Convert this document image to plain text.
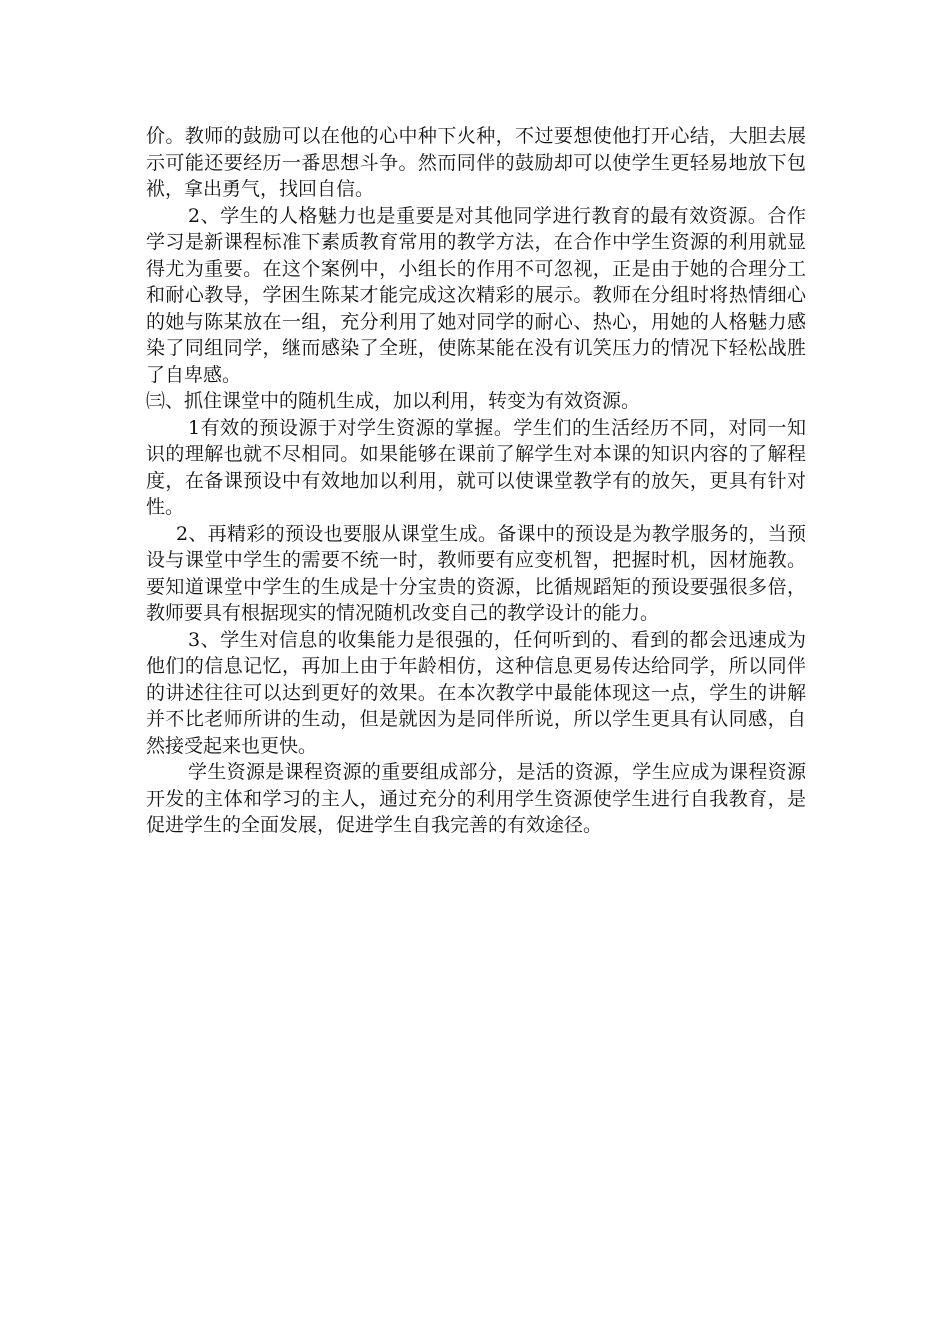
价。教师的鼓励可以在他的心中种下火种，不过要想使他打开心结，大胆去展示可能还要经历一番思想斗争。然而同伴的鼓励却可以使学生更轻易地放下包袱，拿出勇气，找回自信。

2、学生的人格魅力也是重要是对其他同学进行教育的最有效资源。合作学习是新课程标准下素质教育常用的教学方法，在合作中学生资源的利用就显得尤为重要。在这个案例中，小组长的作用不可忽视，正是由于她的合理分工和耐心教导，学困生陈某才能完成这次精彩的展示。教师在分组时将热情细心的她与陈某放在一组，充分利用了她对同学的耐心、热心，用她的人格魅力感染了同组同学，继而感染了全班，使陈某能在没有讥笑压力的情况下轻松战胜了自卑感。

㈢、抓住课堂中的随机生成，加以利用，转变为有效资源。

1有效的预设源于对学生资源的掌握。学生们的生活经历不同，对同一知识的理解也就不尽相同。如果能够在课前了解学生对本课的知识内容的了解程度，在备课预设中有效地加以利用，就可以使课堂教学有的放矢，更具有针对性。

2、再精彩的预设也要服从课堂生成。备课中的预设是为教学服务的，当预设与课堂中学生的需要不统一时，教师要有应变机智，把握时机，因材施教。要知道课堂中学生的生成是十分宝贵的资源，比循规蹈矩的预设要强很多倍，教师要具有根据现实的情况随机改变自己的教学设计的能力。

3、学生对信息的收集能力是很强的，任何听到的、看到的都会迅速成为他们的信息记忆，再加上由于年龄相仿，这种信息更易传达给同学，所以同伴的讲述往往可以达到更好的效果。在本次教学中最能体现这一点，学生的讲解并不比老师所讲的生动，但是就因为是同伴所说，所以学生更具有认同感，自然接受起来也更快。

学生资源是课程资源的重要组成部分，是活的资源，学生应成为课程资源开发的主体和学习的主人，通过充分的利用学生资源使学生进行自我教育，是促进学生的全面发展，促进学生自我完善的有效途径。
